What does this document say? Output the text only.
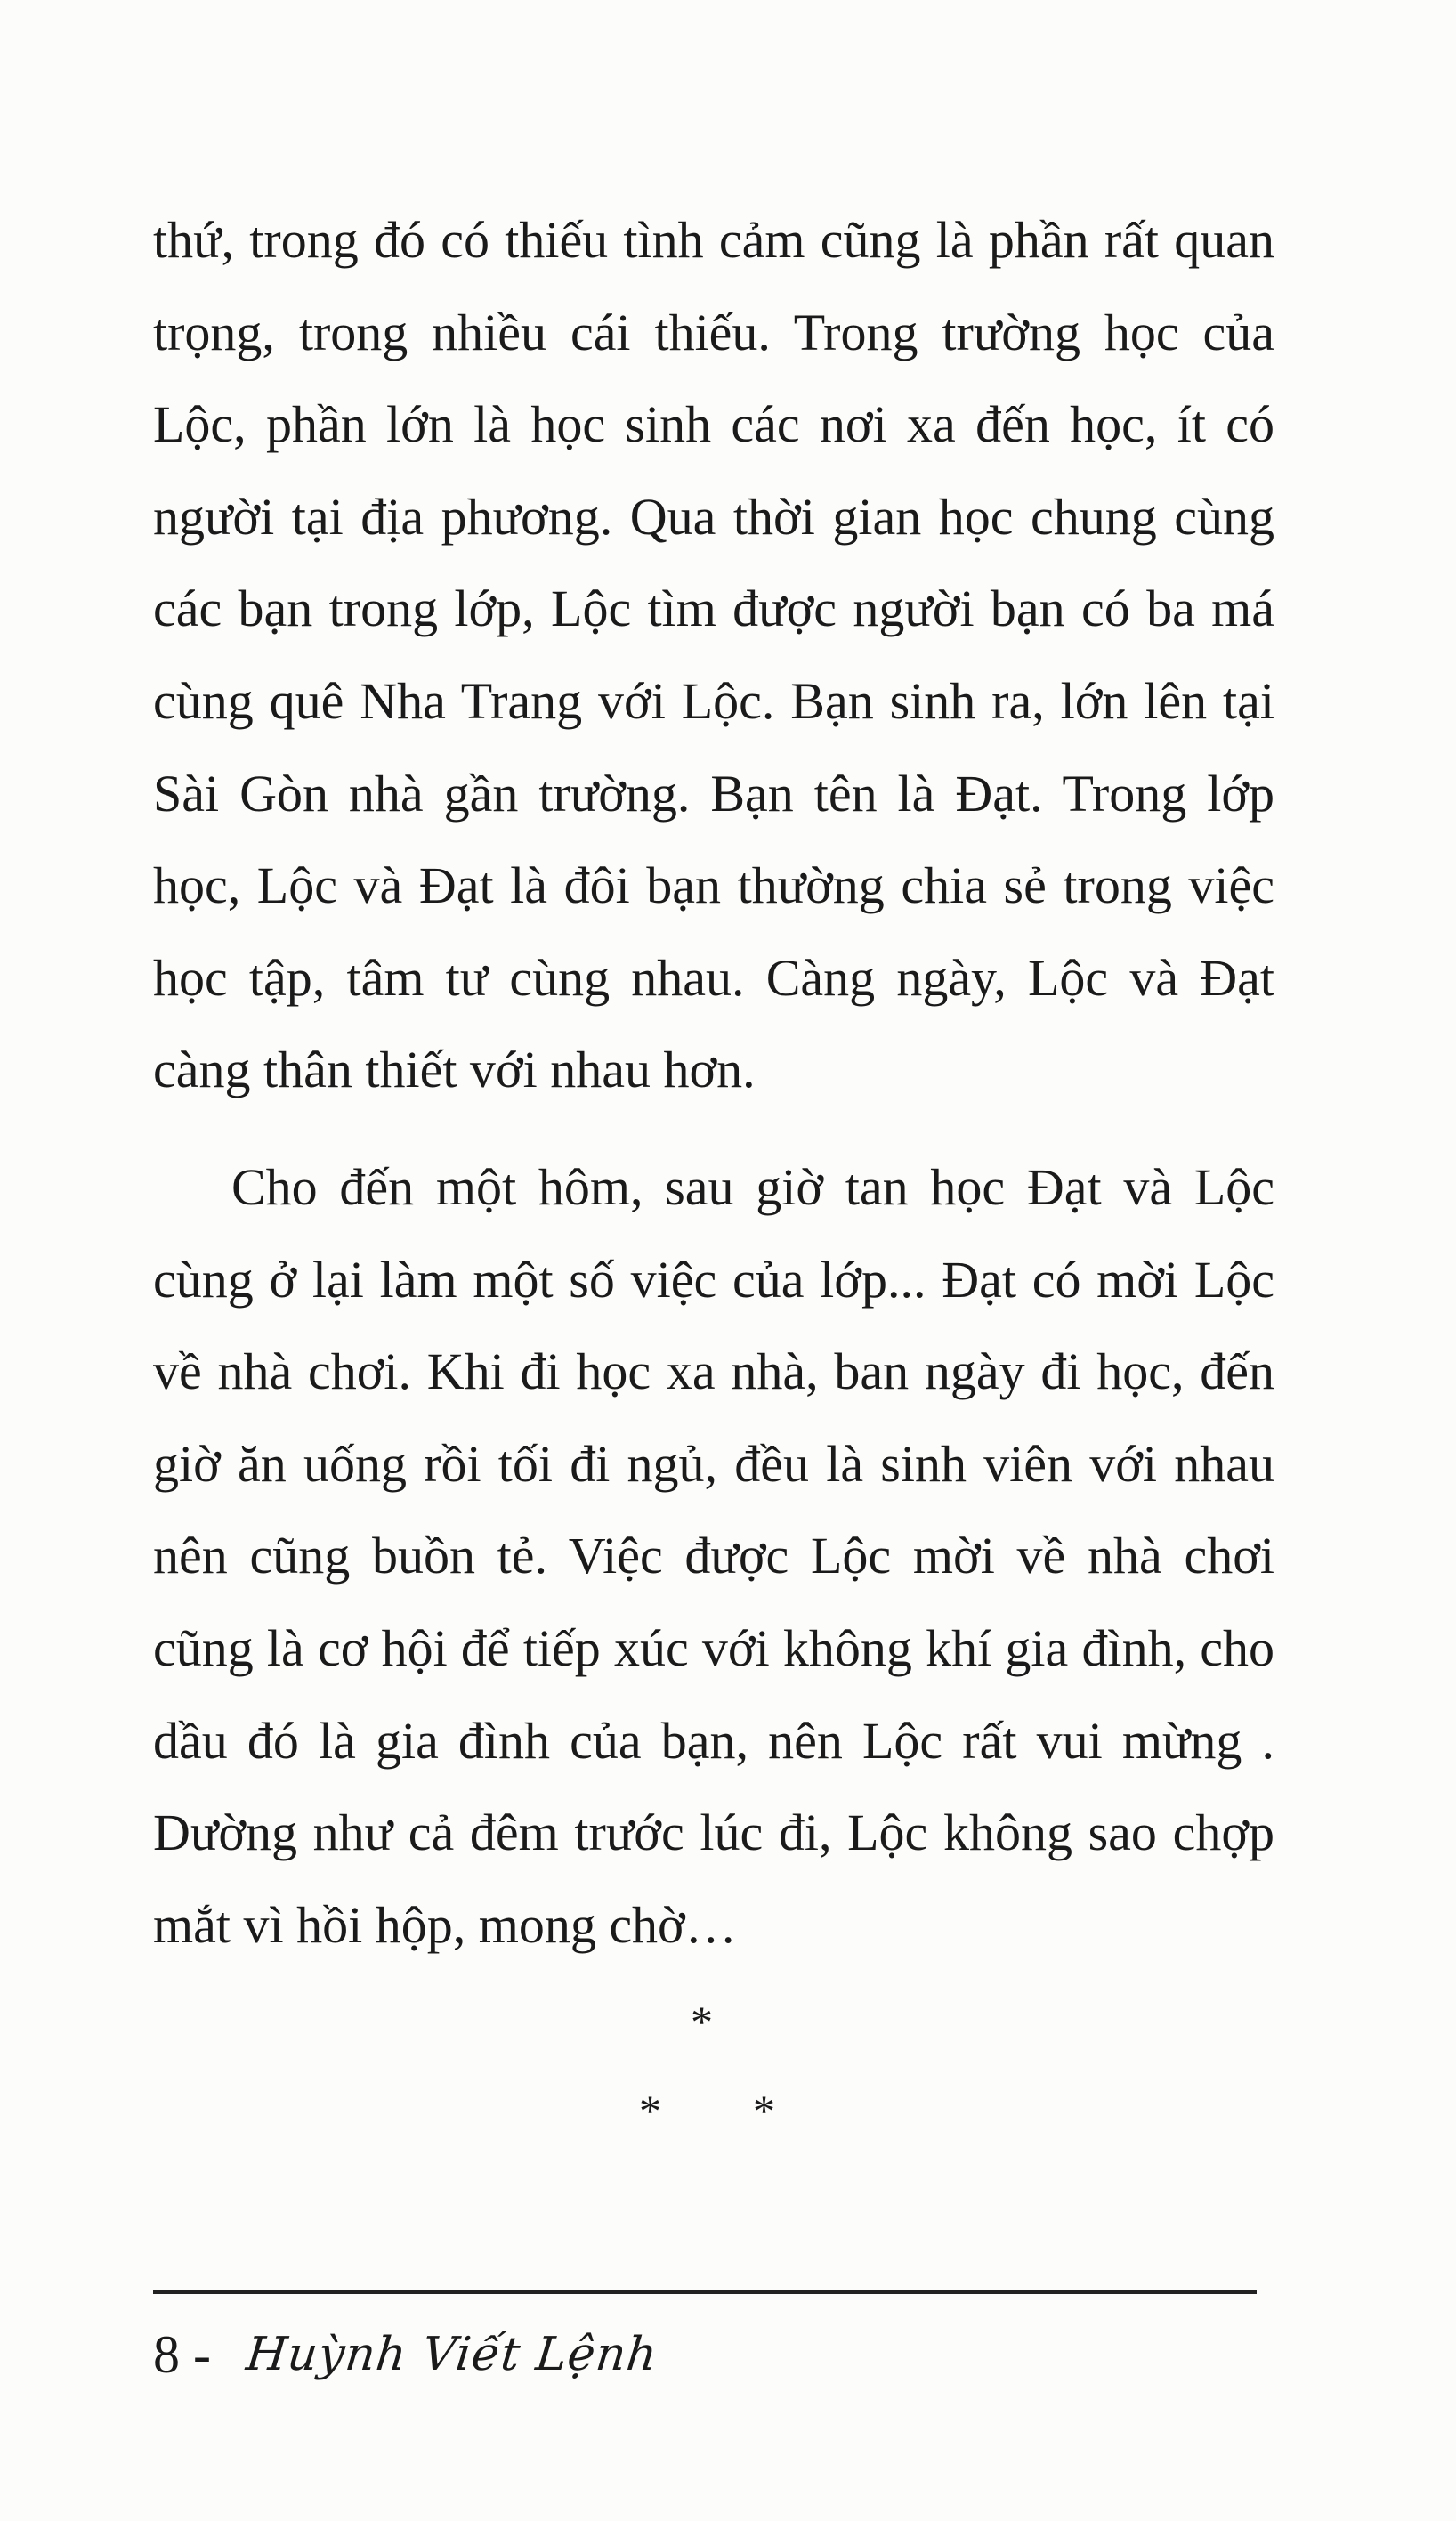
thứ, trong đó có thiếu tình cảm cũng là phần rất quan
trọng, trong nhiều cái thiếu. Trong trường học của
Lộc, phần lớn là học sinh các nơi xa đến học, ít có
người tại địa phương. Qua thời gian học chung cùng
các bạn trong lớp, Lộc tìm được người bạn có ba má
cùng quê Nha Trang với Lộc. Bạn sinh ra, lớn lên tại
Sài Gòn nhà gần trường. Bạn tên là Đạt. Trong lớp
học, Lộc và Đạt là đôi bạn thường chia sẻ trong việc
học tập, tâm tư cùng nhau. Càng ngày, Lộc và Đạt
càng thân thiết với nhau hơn.
Cho đến một hôm, sau giờ tan học Đạt và Lộc
cùng ở lại làm một số việc của lớp... Đạt có mời Lộc
về nhà chơi. Khi đi học xa nhà, ban ngày đi học, đến
giờ ăn uống rồi tối đi ngủ, đều là sinh viên với nhau
nên cũng buồn tẻ. Việc được Lộc mời về nhà chơi
cũng là cơ hội để tiếp xúc với không khí gia đình, cho
dầu đó là gia đình của bạn, nên Lộc rất vui mừng .
Dường như cả đêm trước lúc đi, Lộc không sao chợp
mắt vì hồi hộp, mong chờ…
*
* *
8 - Huỳnh Viết Lệnh
